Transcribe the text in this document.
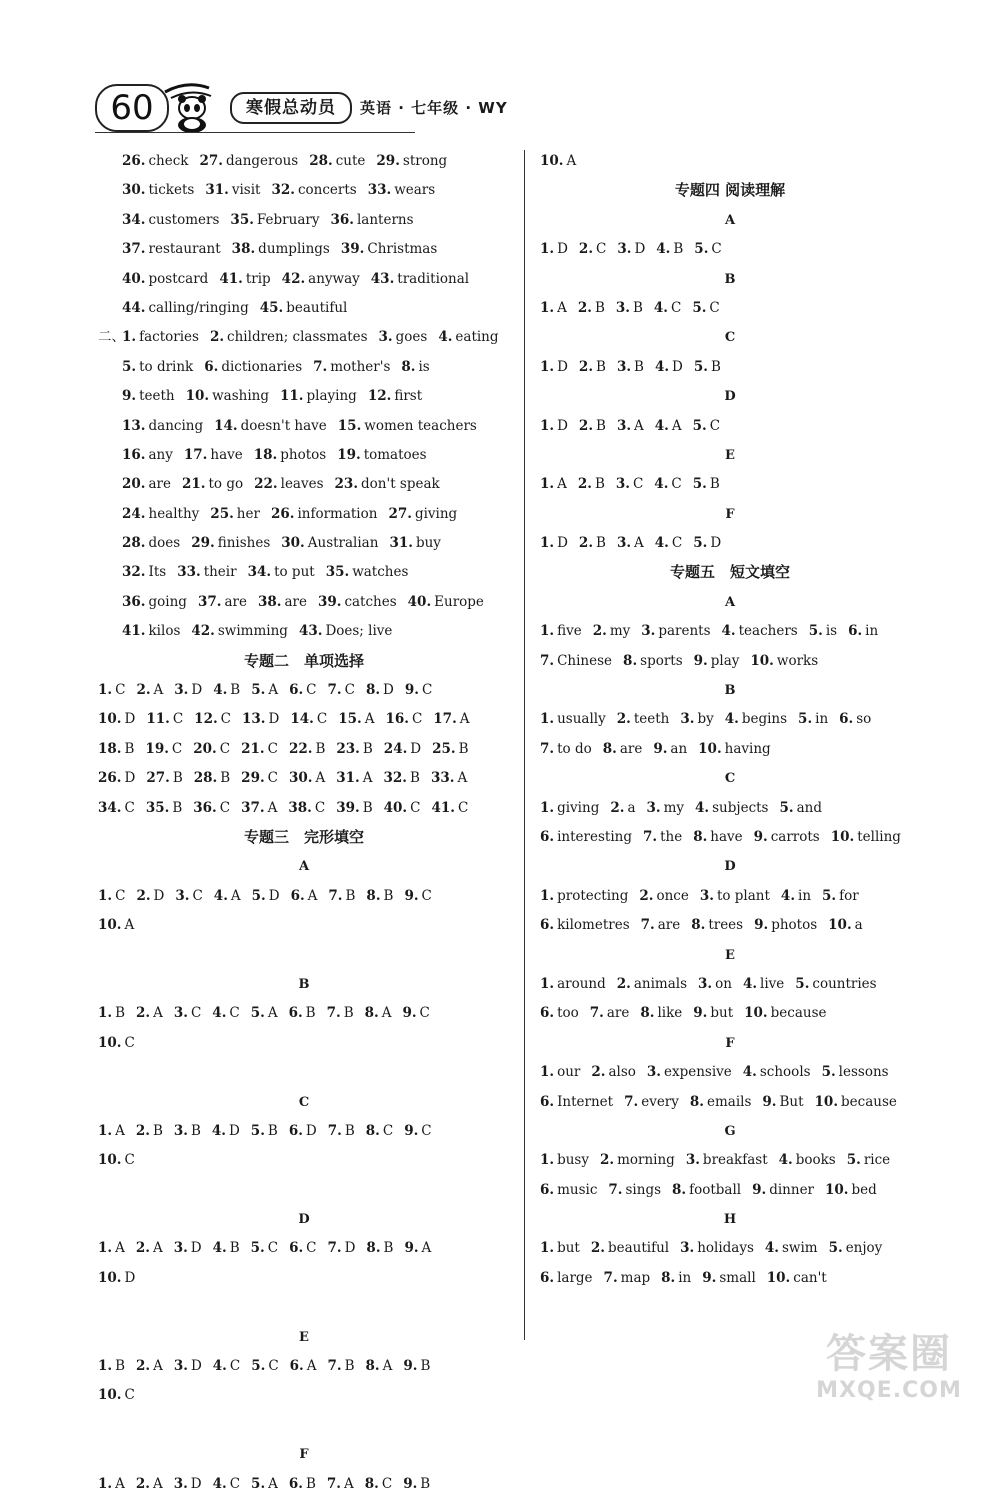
60	寒假总动员	英语 · 七年级 · WY
26. check 27. dangerous 28. cute 29. strong
30. tickets 31. visit 32. concerts 33. wears
34. customers 35. February 36. lanterns
37. restaurant 38. dumplings 39. Christmas
40. postcard 41. trip 42. anyway 43. traditional
44. calling/ringing 45. beautiful
二、1. factories 2. children; classmates 3. goes 4. eating
5. to drink 6. dictionaries 7. mother's 8. is
9. teeth 10. washing 11. playing 12. first
13. dancing 14. doesn't have 15. women teachers
16. any 17. have 18. photos 19. tomatoes
20. are 21. to go 22. leaves 23. don't speak
24. healthy 25. her 26. information 27. giving
28. does 29. finishes 30. Australian 31. buy
32. Its 33. their 34. to put 35. watches
36. going 37. are 38. are 39. catches 40. Europe
41. kilos 42. swimming 43. Does; live
专题二　单项选择
1. C 2. A 3. D 4. B 5. A 6. C 7. C 8. D 9. C
10. D 11. C 12. C 13. D 14. C 15. A 16. C 17. A
18. B 19. C 20. C 21. C 22. B 23. B 24. D 25. B
26. D 27. B 28. B 29. C 30. A 31. A 32. B 33. A
34. C 35. B 36. C 37. A 38. C 39. B 40. C 41. C
专题三　完形填空
A
1. C 2. D 3. C 4. A 5. D 6. A 7. B 8. B 9. C
10. A
B
1. B 2. A 3. C 4. C 5. A 6. B 7. B 8. A 9. C
10. C
C
1. A 2. B 3. B 4. D 5. B 6. D 7. B 8. C 9. C
10. C
D
1. A 2. A 3. D 4. B 5. C 6. C 7. D 8. B 9. A
10. D
E
1. B 2. A 3. D 4. C 5. C 6. A 7. B 8. A 9. B
10. C
F
1. A 2. A 3. D 4. C 5. A 6. B 7. A 8. C 9. B
10. A
专题四 阅读理解
A
1. D 2. C 3. D 4. B 5. C
B
1. A 2. B 3. B 4. C 5. C
C
1. D 2. B 3. B 4. D 5. B
D
1. D 2. B 3. A 4. A 5. C
E
1. A 2. B 3. C 4. C 5. B
F
1. D 2. B 3. A 4. C 5. D
专题五　短文填空
A
1. five 2. my 3. parents 4. teachers 5. is 6. in
7. Chinese 8. sports 9. play 10. works
B
1. usually 2. teeth 3. by 4. begins 5. in 6. so
7. to do 8. are 9. an 10. having
C
1. giving 2. a 3. my 4. subjects 5. and
6. interesting 7. the 8. have 9. carrots 10. telling
D
1. protecting 2. once 3. to plant 4. in 5. for
6. kilometres 7. are 8. trees 9. photos 10. a
E
1. around 2. animals 3. on 4. live 5. countries
6. too 7. are 8. like 9. but 10. because
F
1. our 2. also 3. expensive 4. schools 5. lessons
6. Internet 7. every 8. emails 9. But 10. because
G
1. busy 2. morning 3. breakfast 4. books 5. rice
6. music 7. sings 8. football 9. dinner 10. bed
H
1. but 2. beautiful 3. holidays 4. swim 5. enjoy
6. large 7. map 8. in 9. small 10. can't
答案圈
MXQE.COM
